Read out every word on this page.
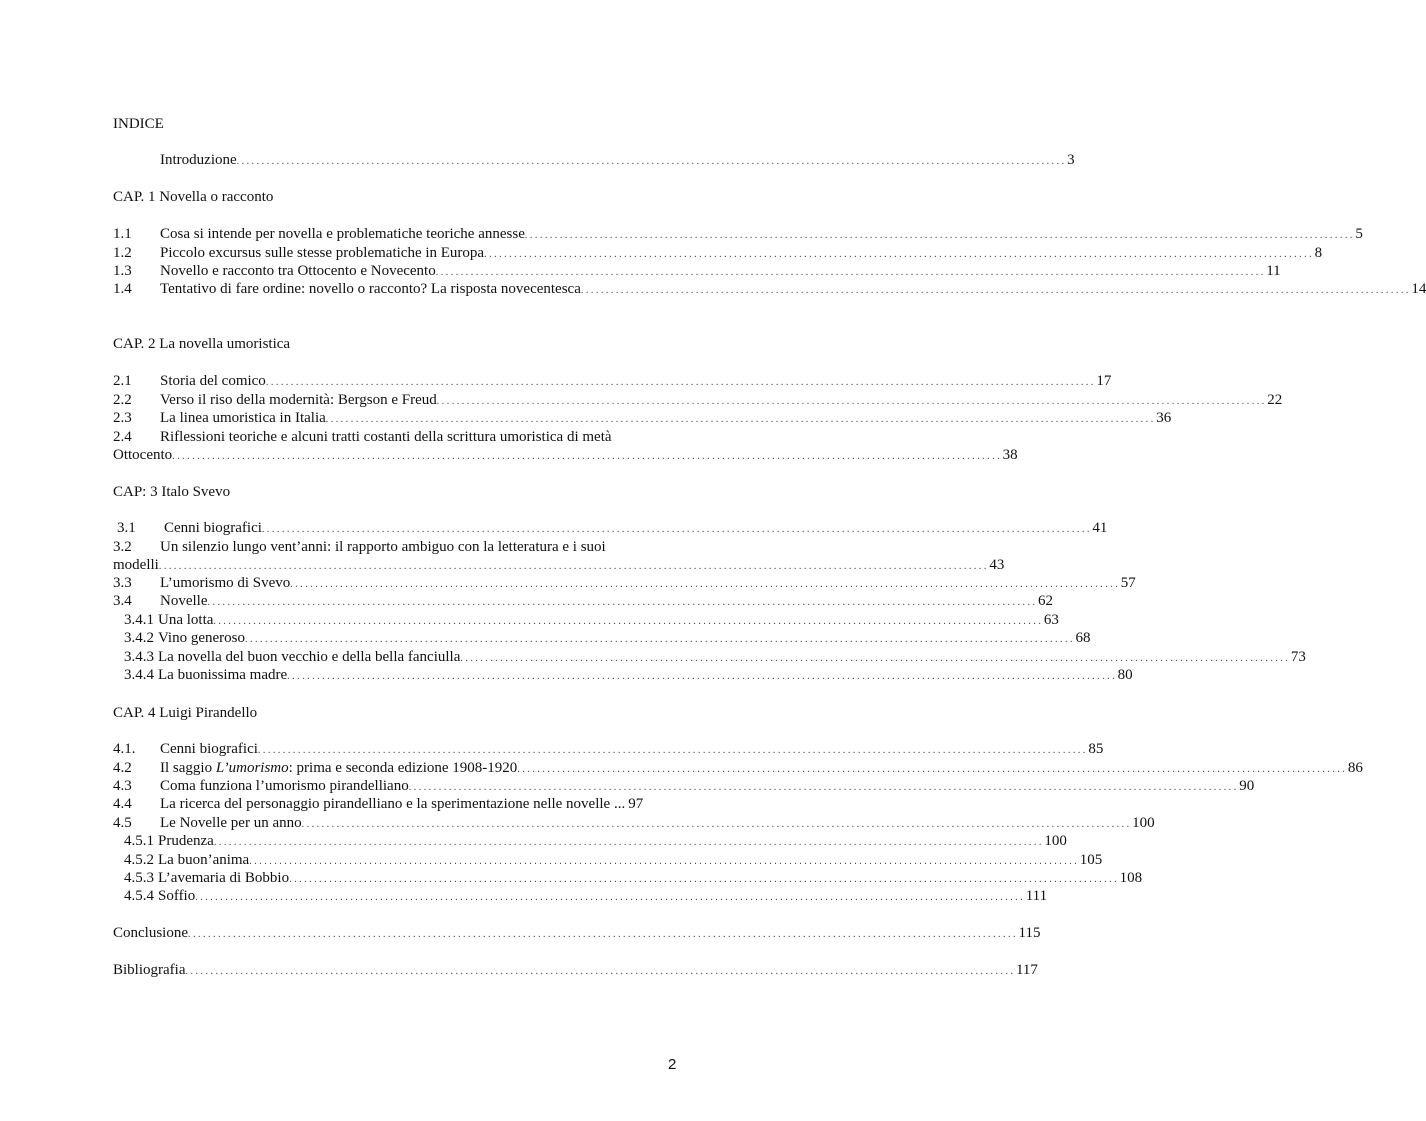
INDICE
Introduzione . . .	3
CAP. 1 Novella o racconto
1.1	Cosa si intende per novella e problematiche teoriche annesse . . .	5
1.2	Piccolo excursus sulle stesse problematiche in Europa . . .	8
1.3	Novello e racconto tra Ottocento e Novecento . . .	11
1.4	Tentativo di fare ordine: novello o racconto? La risposta novecentesca . . .	14
CAP. 2 La novella umoristica
2.1	Storia del comico . . .	17
2.2	Verso il riso della modernità: Bergson e Freud . . .	22
2.3	La linea umoristica in Italia . . .	36
2.4 Riflessioni teoriche e alcuni tratti costanti della scrittura umoristica di metà
Ottocento . . .	38
CAP: 3 Italo Svevo
3.1	Cenni biografici . . .	41
3.2 Un silenzio lungo vent’anni: il rapporto ambiguo con la letteratura e i suoi
modelli . . .	43
3.3	L’umorismo di Svevo . . .	57
3.4	Novelle . . .	62
3.4.1 Una lotta . . .	63
3.4.2 Vino generoso . . .	68
3.4.3 La novella del buon vecchio e della bella fanciulla . . .	73
3.4.4 La buonissima madre . . .	80
CAP. 4 Luigi Pirandello
4.1.	Cenni biografici . . .	85
4.2	Il saggio L’umorismo: prima e seconda edizione 1908-1920 . . .	86
4.3	Coma funziona l’umorismo pirandelliano . . .	90
4.4	La ricerca del personaggio pirandelliano e la sperimentazione nelle novelle ... 97
4.5	Le Novelle per un anno . . .	100
4.5.1 Prudenza . . .	100
4.5.2 La buon’anima . . .	105
4.5.3 L’avemaria di Bobbio . . .	108
4.5.4 Soffio . . .	111
Conclusione . . .	115
Bibliografia . . .	117
2
